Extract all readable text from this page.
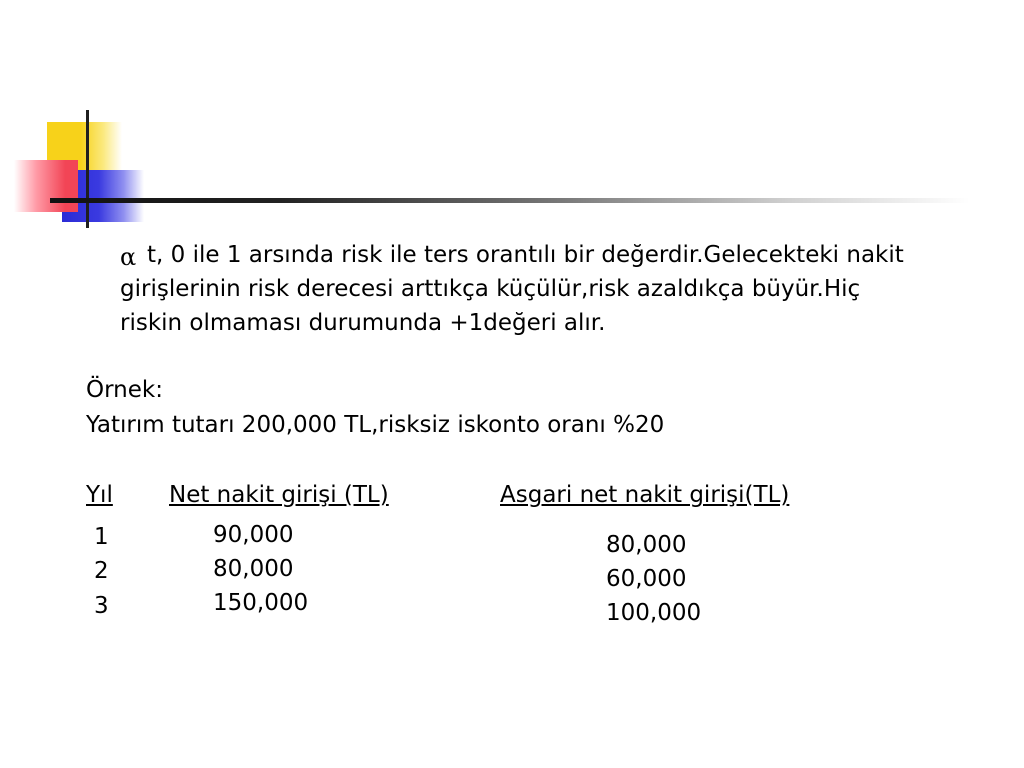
α t, 0 ile 1 arsında risk ile ters orantılı bir değerdir.Gelecekteki nakit
girişlerinin risk derecesi arttıkça küçülür,risk azaldıkça büyür.Hiç
riskin olmaması durumunda +1değeri alır.
Örnek:
Yatırım tutarı 200,000 TL,risksiz iskonto oranı %20
Yıl	Net nakit girişi (TL)	Asgari net nakit girişi(TL)
1
2
3
90,000
80,000
150,000
80,000
60,000
100,000
